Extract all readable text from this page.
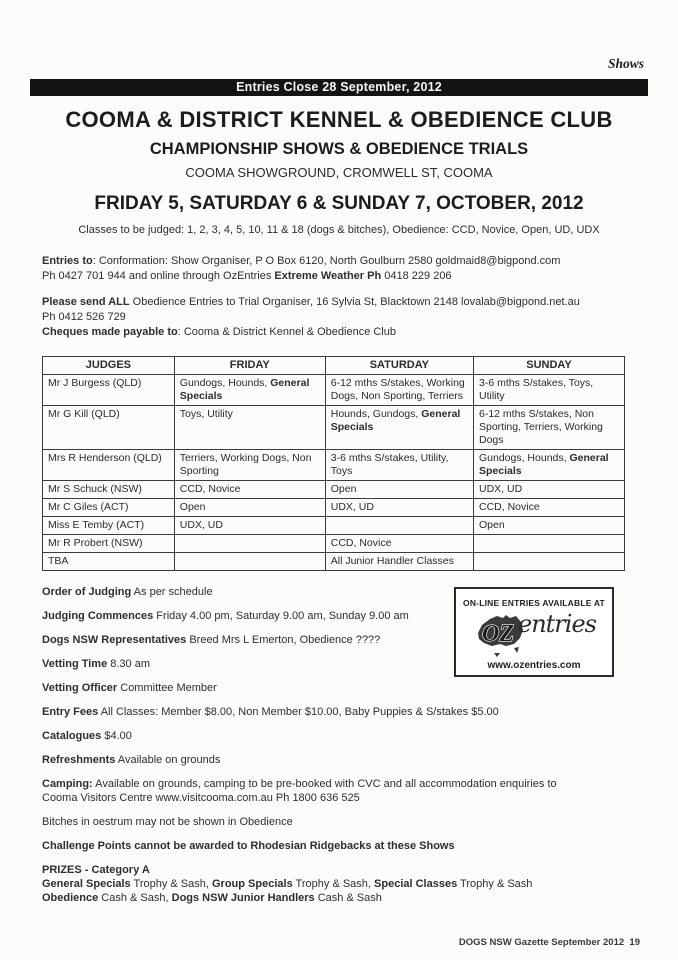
Shows
Entries Close 28 September, 2012
COOMA & DISTRICT KENNEL & OBEDIENCE CLUB
CHAMPIONSHIP SHOWS & OBEDIENCE TRIALS
COOMA SHOWGROUND, CROMWELL ST, COOMA
FRIDAY 5, SATURDAY 6 & SUNDAY 7, OCTOBER, 2012
Classes to be judged: 1, 2, 3, 4, 5, 10, 11 & 18 (dogs & bitches), Obedience: CCD, Novice, Open, UD, UDX

Entries to: Conformation: Show Organiser, P O Box 6120, North Goulburn 2580 goldmaid8@bigpond.com

Ph 0427 701 944 and online through OzEntries Extreme Weather Ph 0418 229 206

Please send ALL Obedience Entries to Trial Organiser, 16 Sylvia St, Blacktown 2148 lovalab@bigpond.net.au

Ph 0412 526 729

Cheques made payable to: Cooma & District Kennel & Obedience Club

JUDGES	FRIDAY	SATURDAY	SUNDAY
Mr J Burgess (QLD)	Gundogs, Hounds, General Specials	6-12 mths S/stakes, Working Dogs, Non Sporting, Terriers	3-6 mths S/stakes, Toys, Utility
Mr G Kill (QLD)	Toys, Utility	Hounds, Gundogs, General Specials	6-12 mths S/stakes, Non Sporting, Terriers, Working Dogs
Mrs R Henderson (QLD)	Terriers, Working Dogs, Non Sporting	3-6 mths S/stakes, Utility, Toys	Gundogs, Hounds, General Specials
Mr S Schuck (NSW)	CCD, Novice	Open	UDX, UD
Mr C Giles (ACT)	Open	UDX, UD	CCD, Novice
Miss E Temby (ACT)	UDX, UD		Open
Mr R Probert (NSW)		CCD, Novice	
TBA		All Junior Handler Classes	

Order of Judging As per schedule

Judging Commences Friday 4.00 pm, Saturday 9.00 am, Sunday 9.00 am

Dogs NSW Representatives Breed Mrs L Emerton, Obedience ????

Vetting Time 8.30 am

Vetting Officer Committee Member

Entry Fees All Classes: Member $8.00, Non Member $10.00, Baby Puppies & S/stakes $5.00

Catalogues $4.00

Refreshments Available on grounds

Camping: Available on grounds, camping to be pre-booked with CVC and all accommodation enquiries to

Cooma Visitors Centre www.visitcooma.com.au Ph 1800 636 525

Bitches in oestrum may not be shown in Obedience

Challenge Points cannot be awarded to Rhodesian Ridgebacks at these Shows

PRIZES - Category A

General Specials Trophy & Sash, Group Specials Trophy & Sash, Special Classes Trophy & Sash

Obedience Cash & Sash, Dogs NSW Junior Handlers Cash & Sash

ON-LINE ENTRIES AVAILABLE AT
OZ entries
www.ozentries.com
DOGS NSW Gazette September 2012  19
